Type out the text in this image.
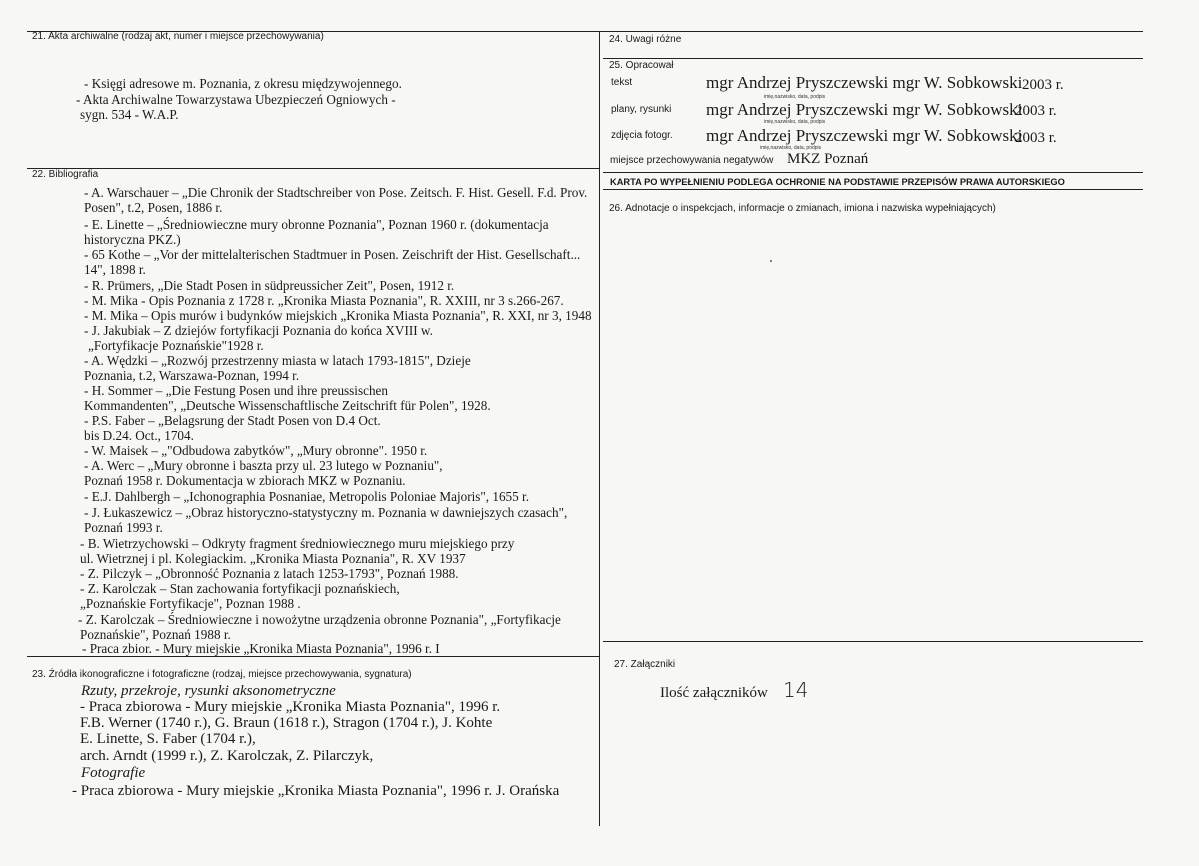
21. Akta archiwalne (rodzaj akt, numer i miejsce przechowywania)
- Księgi adresowe m. Poznania, z okresu międzywojennego.
- Akta Archiwalne Towarzystawa Ubezpieczeń Ogniowych -
sygn. 534 - W.A.P.
22. Bibliografia
- A. Warschauer – „Die Chronik der Stadtschreiber von Pose. Zeitsch. F. Hist. Gesell. F.d. Prov.
Posen", t.2, Posen, 1886 r.
- E. Linette – „Średniowieczne mury obronne Poznania", Poznan 1960 r. (dokumentacja
historyczna PKZ.)
- 65 Kothe – „Vor der mittelalterischen Stadtmuer in Posen. Zeischrift der Hist. Gesellschaft...
14", 1898 r.
- R. Prümers, „Die Stadt Posen in südpreussicher Zeit", Posen, 1912 r.
- M. Mika - Opis Poznania z 1728 r. „Kronika Miasta Poznania", R. XXIII, nr 3 s.266-267.
- M. Mika – Opis murów i budynków miejskich „Kronika Miasta Poznania", R. XXI, nr 3, 1948
- J. Jakubiak – Z dziejów fortyfikacji Poznania do końca XVIII w.
„Fortyfikacje Poznańskie"1928 r.
- A. Wędzki – „Rozwój przestrzenny miasta w latach 1793-1815", Dzieje
Poznania, t.2, Warszawa-Poznan, 1994 r.
- H. Sommer – „Die Festung Posen und ihre preussischen
Kommandenten", „Deutsche Wissenschaftlische Zeitschrift für Polen", 1928.
- P.S. Faber – „Belagsrung der Stadt Posen von D.4 Oct.
bis D.24. Oct., 1704.
- W. Maisek – „"Odbudowa zabytków", „Mury obronne". 1950 r.
- A. Werc – „Mury obronne i baszta przy ul. 23 lutego w Poznaniu",
Poznań 1958 r. Dokumentacja w zbiorach MKZ w Poznaniu.
- E.J. Dahlbergh – „Ichonographia Posnaniae, Metropolis Poloniae Majoris", 1655 r.
- J. Łukaszewicz – „Obraz historyczno-statystyczny m. Poznania w dawniejszych czasach",
Poznań 1993 r.
- B. Wietrzychowski – Odkryty fragment średniowiecznego muru miejskiego przy
ul. Wietrznej i pl. Kolegiackim. „Kronika Miasta Poznania", R. XV 1937
- Z. Pilczyk – „Obronność Poznania z latach 1253-1793", Poznań 1988.
- Z. Karolczak – Stan zachowania fortyfikacji poznańskiech,
„Poznańskie Fortyfikacje", Poznan 1988 .
- Z. Karolczak – Średniowieczne i nowożytne urządzenia obronne Poznania", „Fortyfikacje
Poznańskie", Poznań 1988 r.
- Praca zbior. - Mury miejskie „Kronika Miasta Poznania", 1996 r. I
23. Źródła ikonograficzne i fotograficzne (rodzaj, miejsce przechowywania, sygnatura)
Rzuty, przekroje, rysunki aksonometryczne
- Praca zbiorowa - Mury miejskie „Kronika Miasta Poznania", 1996 r.
F.B. Werner (1740 r.), G. Braun (1618 r.), Stragon (1704 r.), J. Kohte
E. Linette, S. Faber (1704 r.),
arch. Arndt (1999 r.), Z. Karolczak, Z. Pilarczyk,
Fotografie
- Praca zbiorowa - Mury miejskie „Kronika Miasta Poznania", 1996 r. J. Orańska
24. Uwagi różne
25. Opracował
tekst	mgr Andrzej Pryszczewski mgr W. Sobkowski 2003 r.
imię,nazwisko, data, podpis
plany, rysunki mgr Andrzej Pryszczewski mgr W. Sobkowski
2003 r.
imię,nazwisko, data, podpis
zdjęcia fotogr. mgr Andrzej Pryszczewski mgr W. Sobkowski
2003 r.
imię,nazwisko, data, podpis
miejsce przechowywania negatywów MKZ Poznań
KARTA PO WYPEŁNIENIU PODLEGA OCHRONIE NA PODSTAWIE PRZEPISÓW PRAWA AUTORSKIEGO
26. Adnotacje o inspekcjach, informacje o zmianach, imiona i nazwiska wypełniających)
27. Załączniki
Ilość załączników 14
